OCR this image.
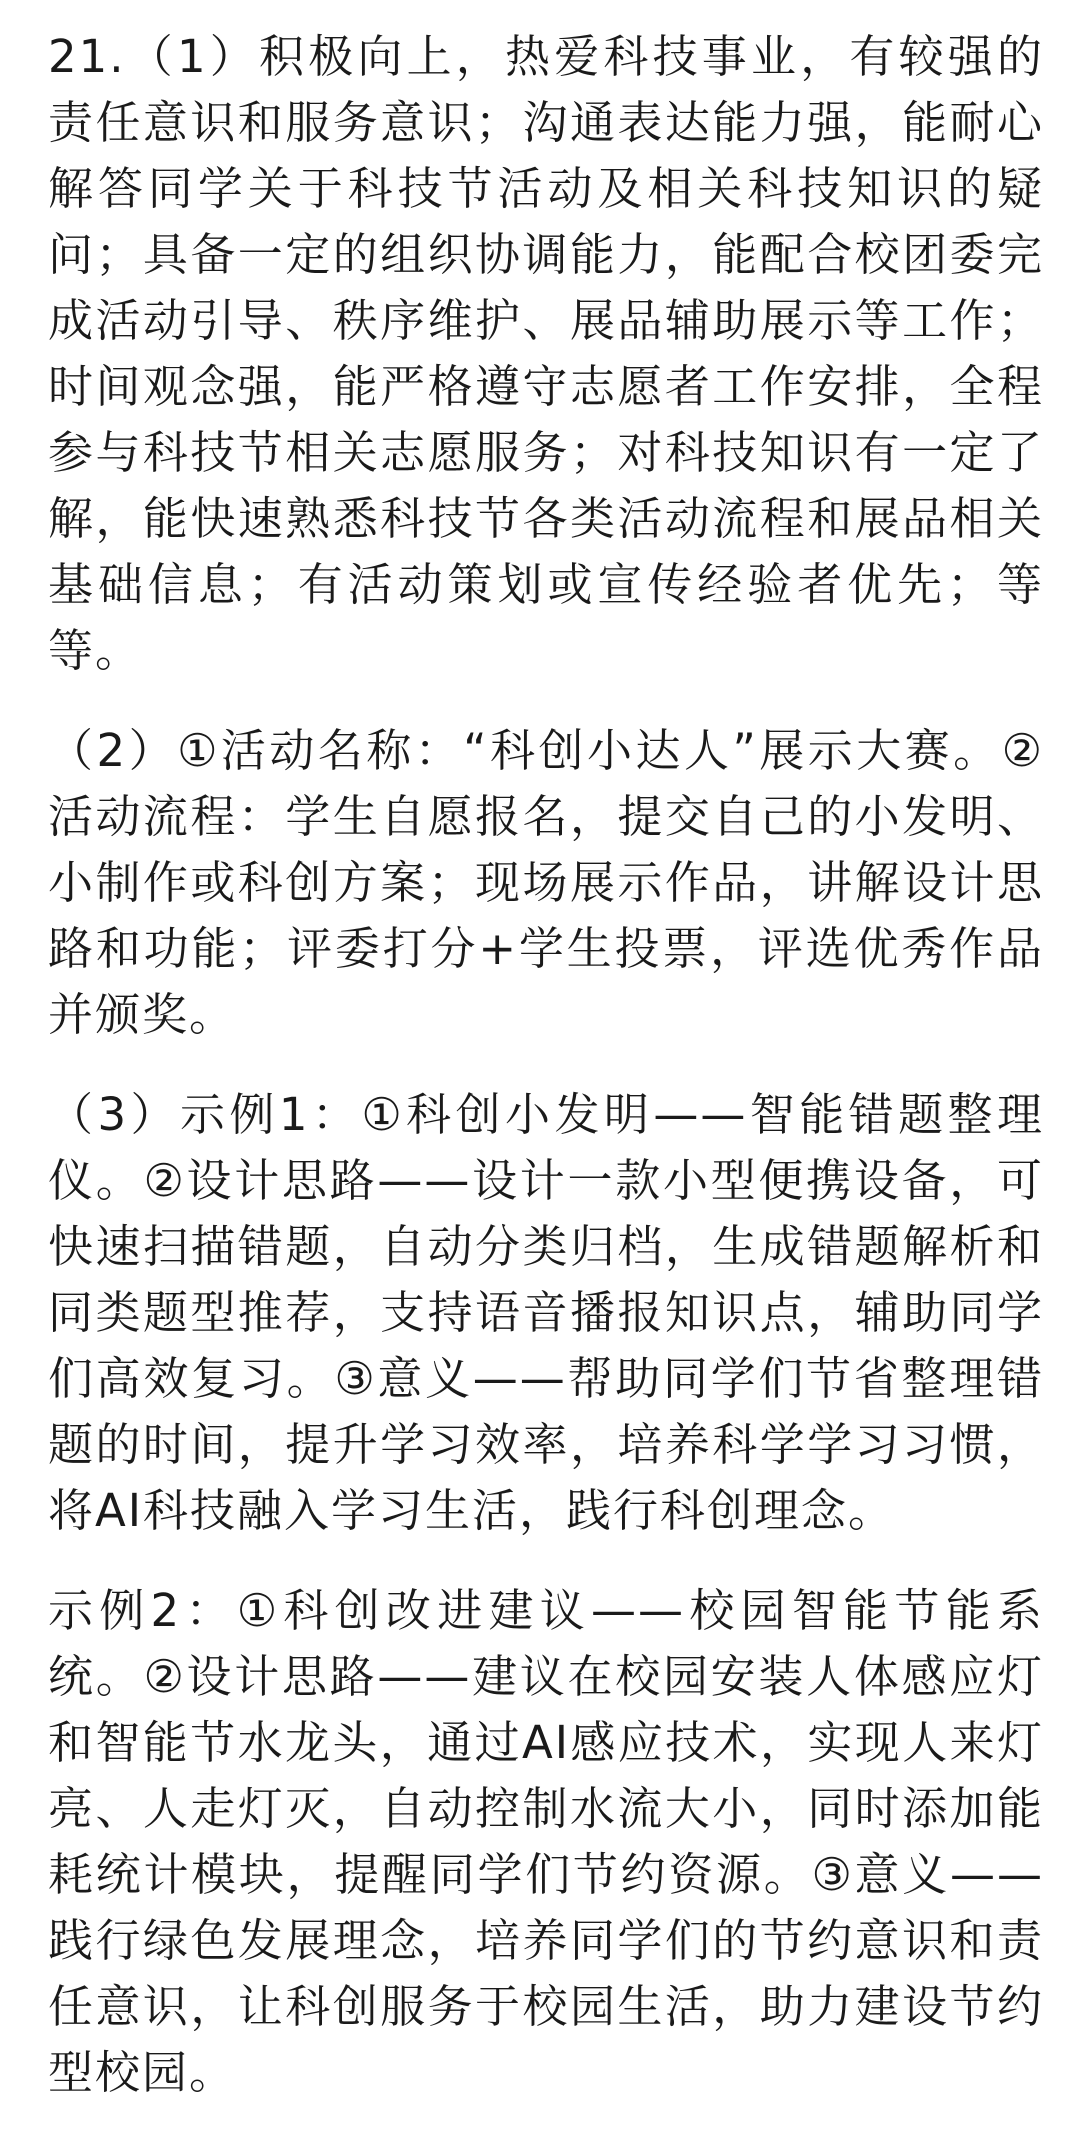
21.（1）积极向上，热爱科技事业，有较强的责任意识和服务意识；沟通表达能力强，能耐心解答同学关于科技节活动及相关科技知识的疑问；具备一定的组织协调能力，能配合校团委完成活动引导、秩序维护、展品辅助展示等工作；时间观念强，能严格遵守志愿者工作安排，全程参与科技节相关志愿服务；对科技知识有一定了解，能快速熟悉科技节各类活动流程和展品相关基础信息；有活动策划或宣传经验者优先；等等。

（2）①活动名称：“科创小达人”展示大赛。②活动流程：学生自愿报名，提交自己的小发明、小制作或科创方案；现场展示作品，讲解设计思路和功能；评委打分+学生投票，评选优秀作品并颁奖。

（3）示例1：①科创小发明——智能错题整理仪。②设计思路——设计一款小型便携设备，可快速扫描错题，自动分类归档，生成错题解析和同类题型推荐，支持语音播报知识点，辅助同学们高效复习。③意义——帮助同学们节省整理错题的时间，提升学习效率，培养科学学习习惯，将AI科技融入学习生活，践行科创理念。

示例2：①科创改进建议——校园智能节能系统。②设计思路——建议在校园安装人体感应灯和智能节水龙头，通过AI感应技术，实现人来灯亮、人走灯灭，自动控制水流大小，同时添加能耗统计模块，提醒同学们节约资源。③意义——践行绿色发展理念，培养同学们的节约意识和责任意识，让科创服务于校园生活，助力建设节约型校园。
